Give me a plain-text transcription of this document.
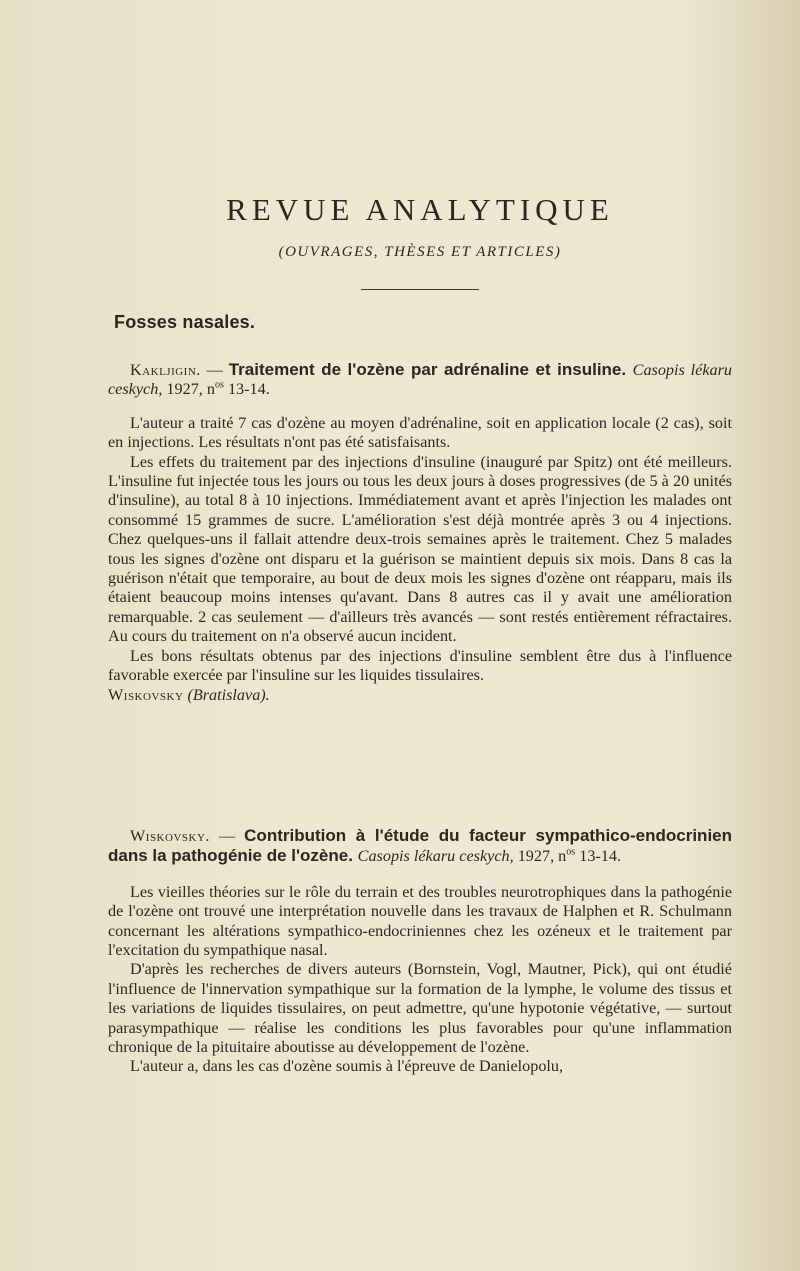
REVUE ANALYTIQUE

(OUVRAGES, THÈSES ET ARTICLES)

Fosses nasales.

Kakljigin. — Traitement de l'ozène par adrénaline et insuline. Casopis lékaru ceskych, 1927, $n^{os}$ 13-14.

L'auteur a traité 7 cas d'ozène au moyen d'adrénaline, soit en application locale (2 cas), soit en injections. Les résultats n'ont pas été satisfaisants.

Les effets du traitement par des injections d'insuline (inauguré par Spitz) ont été meilleurs. L'insuline fut injectée tous les jours ou tous les deux jours à doses progressives (de 5 à 20 unités d'insuline), au total 8 à 10 injections. Immédiatement avant et après l'injection les malades ont consommé 15 grammes de sucre. L'amélioration s'est déjà montrée après 3 ou 4 injections. Chez quelques-uns il fallait attendre deux-trois semaines après le traitement. Chez 5 malades tous les signes d'ozène ont disparu et la guérison se maintient depuis six mois. Dans 8 cas la guérison n'était que temporaire, au bout de deux mois les signes d'ozène ont réapparu, mais ils étaient beaucoup moins intenses qu'avant. Dans 8 autres cas il y avait une amélioration remarquable. 2 cas seulement — d'ailleurs très avancés — sont restés entièrement réfractaires. Au cours du traitement on n'a observé aucun incident.

Les bons résultats obtenus par des injections d'insuline semblent être dus à l'influence favorable exercée par l'insuline sur les liquides tissulaires.

Wiskovsky (Bratislava).

Wiskovsky. — Contribution à l'étude du facteur sympathico-endocrinien dans la pathogénie de l'ozène. Casopis lékaru ceskych, 1927, $n^{os}$ 13-14.

Les vieilles théories sur le rôle du terrain et des troubles neurotrophiques dans la pathogénie de l'ozène ont trouvé une interprétation nouvelle dans les travaux de Halphen et R. Schulmann concernant les altérations sympathico-endocriniennes chez les ozéneux et le traitement par l'excitation du sympathique nasal.

D'après les recherches de divers auteurs (Bornstein, Vogl, Mautner, Pick), qui ont étudié l'influence de l'innervation sympathique sur la formation de la lymphe, le volume des tissus et les variations de liquides tissulaires, on peut admettre, qu'une hypotonie végétative, — surtout parasympathique — réalise les conditions les plus favorables pour qu'une inflammation chronique de la pituitaire aboutisse au développement de l'ozène.

L'auteur a, dans les cas d'ozène soumis à l'épreuve de Danielopolu,
